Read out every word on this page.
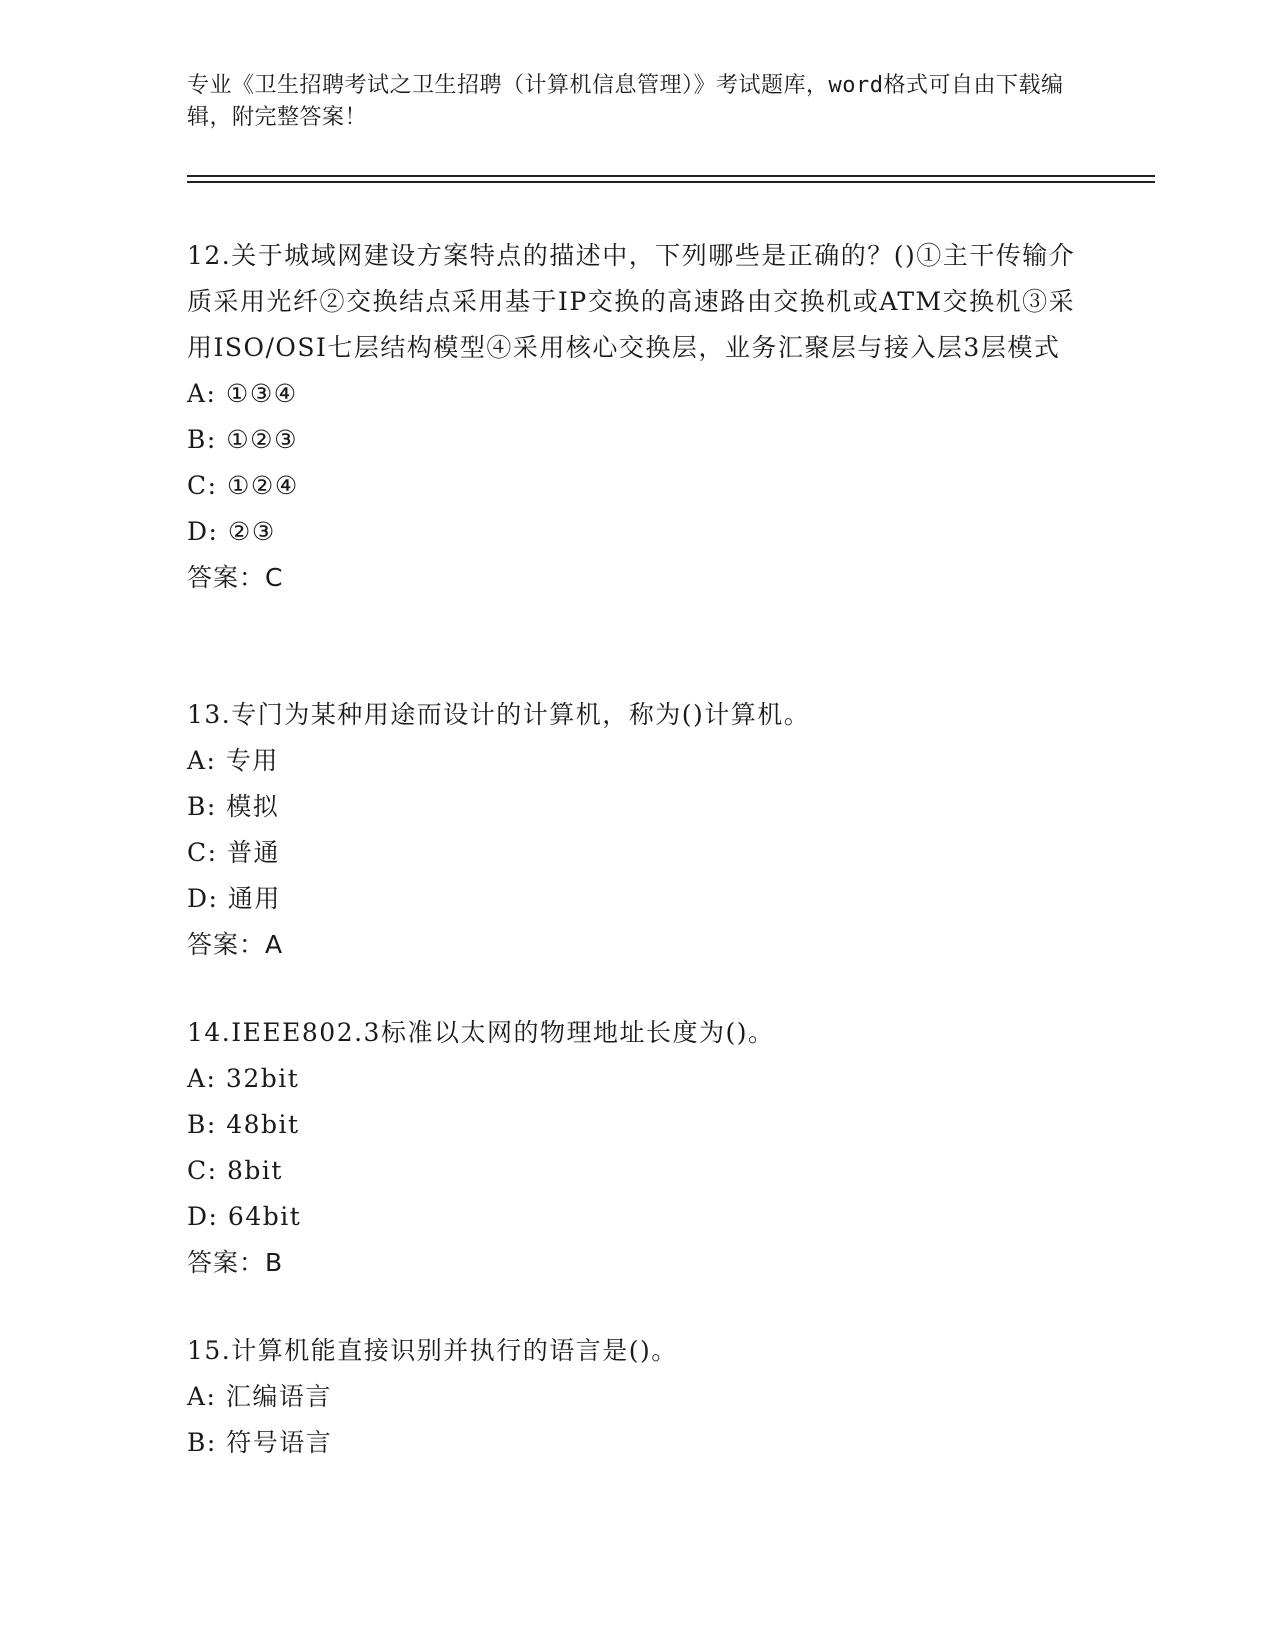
专业《卫生招聘考试之卫生招聘（计算机信息管理）》考试题库，word格式可自由下载编辑，附完整答案！

12.关于城域网建设方案特点的描述中，下列哪些是正确的？()①主干传输介质采用光纤②交换结点采用基于IP交换的高速路由交换机或ATM交换机③采用ISO/OSI七层结构模型④采用核心交换层，业务汇聚层与接入层3层模式

A: ①③④
B: ①②③
C: ①②④
D: ②③
答案：C

13.专门为某种用途而设计的计算机，称为()计算机。

A: 专用
B: 模拟
C: 普通
D: 通用
答案：A

14.IEEE802.3标准以太网的物理地址长度为()。

A: 32bit
B: 48bit
C: 8bit
D: 64bit
答案：B

15.计算机能直接识别并执行的语言是()。

A: 汇编语言
B: 符号语言
